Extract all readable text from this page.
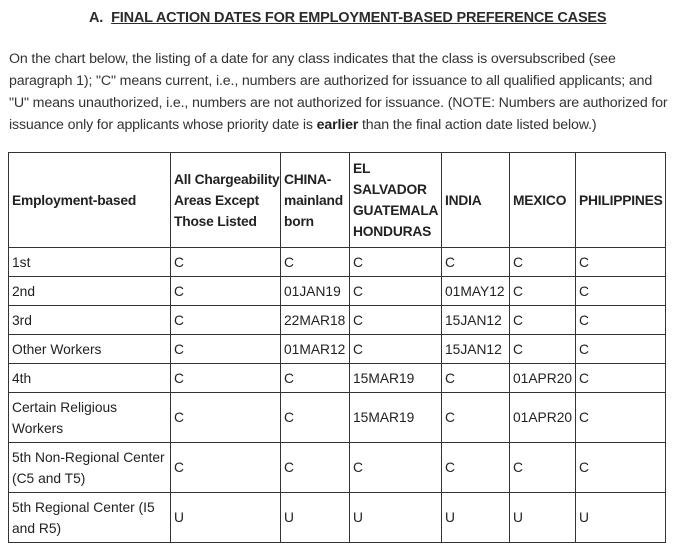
A. FINAL ACTION DATES FOR EMPLOYMENT-BASED PREFERENCE CASES

On the chart below, the listing of a date for any class indicates that the class is oversubscribed (see paragraph 1); "C" means current, i.e., numbers are authorized for issuance to all qualified applicants; and "U" means unauthorized, i.e., numbers are not authorized for issuance. (NOTE: Numbers are authorized for issuance only for applicants whose priority date is earlier than the final action date listed below.)

Employment-based	All Chargeability Areas Except Those Listed	CHINA-mainland born	EL SALVADOR GUATEMALA HONDURAS	INDIA	MEXICO	PHILIPPINES
1st	C	C	C	C	C	C
2nd	C	01JAN19	C	01MAY12	C	C
3rd	C	22MAR18	C	15JAN12	C	C
Other Workers	C	01MAR12	C	15JAN12	C	C
4th	C	C	15MAR19	C	01APR20	C
Certain Religious Workers	C	C	15MAR19	C	01APR20	C
5th Non-Regional Center (C5 and T5)	C	C	C	C	C	C
5th Regional Center (I5 and R5)	U	U	U	U	U	U
